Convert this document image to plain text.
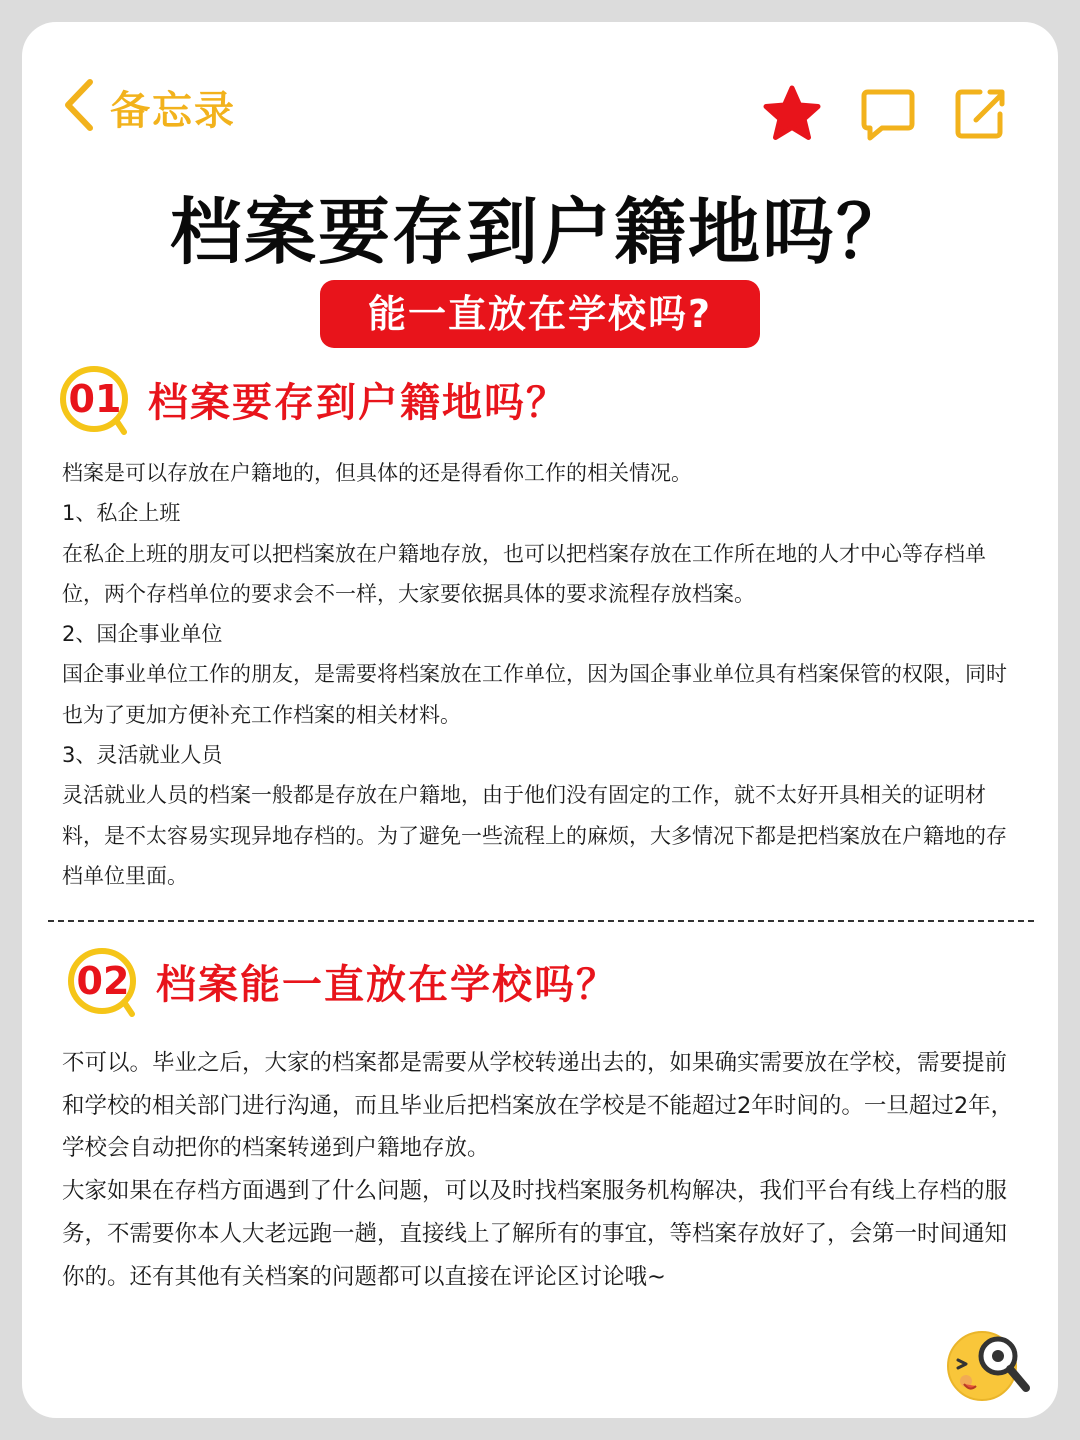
备忘录
档案要存到户籍地吗？
能一直放在学校吗?
01 档案要存到户籍地吗？

档案是可以存放在户籍地的，但具体的还是得看你工作的相关情况。

1、私企上班

在私企上班的朋友可以把档案放在户籍地存放，也可以把档案存放在工作所在地的人才中心等存档单位，两个存档单位的要求会不一样，大家要依据具体的要求流程存放档案。

2、国企事业单位

国企事业单位工作的朋友，是需要将档案放在工作单位，因为国企事业单位具有档案保管的权限，同时也为了更加方便补充工作档案的相关材料。

3、灵活就业人员

灵活就业人员的档案一般都是存放在户籍地，由于他们没有固定的工作，就不太好开具相关的证明材料，是不太容易实现异地存档的。为了避免一些流程上的麻烦，大多情况下都是把档案放在户籍地的存档单位里面。

02 档案能一直放在学校吗？

不可以。毕业之后，大家的档案都是需要从学校转递出去的，如果确实需要放在学校，需要提前和学校的相关部门进行沟通，而且毕业后把档案放在学校是不能超过2年时间的。一旦超过2年，学校会自动把你的档案转递到户籍地存放。

大家如果在存档方面遇到了什么问题，可以及时找档案服务机构解决，我们平台有线上存档的服务，不需要你本人大老远跑一趟，直接线上了解所有的事宜，等档案存放好了，会第一时间通知你的。还有其他有关档案的问题都可以直接在评论区讨论哦~
